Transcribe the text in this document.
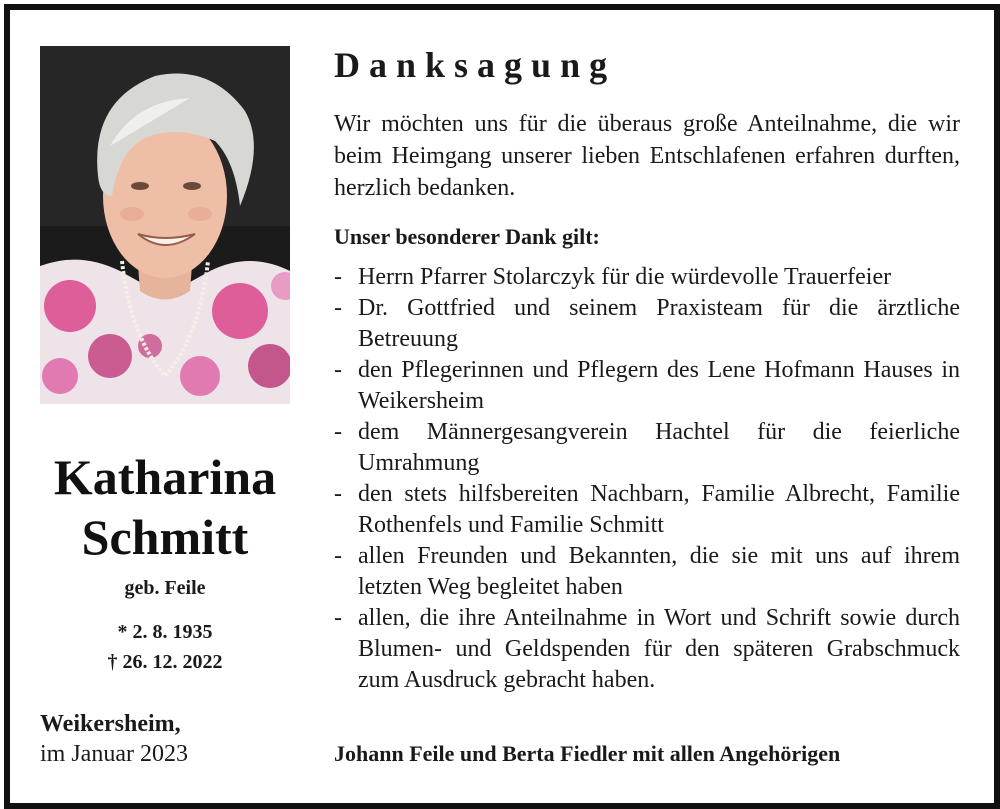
Katharina
Schmitt
geb. Feile
* 2. 8. 1935
† 26. 12. 2022
Weikersheim,
im Januar 2023
Danksagung
Wir möchten uns für die überaus große Anteilnahme, die wir beim Heimgang unserer lieben Entschlafenen erfahren durften, herzlich bedanken.
Unser besonderer Dank gilt:
- Herrn Pfarrer Stolarczyk für die würdevolle Trauerfeier
- Dr. Gottfried und seinem Praxisteam für die ärztliche Betreuung
- den Pflegerinnen und Pflegern des Lene Hofmann Hauses in Weikersheim
- dem Männergesangverein Hachtel für die feierliche Umrahmung
- den stets hilfsbereiten Nachbarn, Familie Albrecht, Familie Rothenfels und Familie Schmitt
- allen Freunden und Bekannten, die sie mit uns auf ihrem letzten Weg begleitet haben
- allen, die ihre Anteilnahme in Wort und Schrift sowie durch Blumen- und Geldspenden für den späteren Grabschmuck zum Ausdruck gebracht haben.
Johann Feile und Berta Fiedler mit allen Angehörigen
